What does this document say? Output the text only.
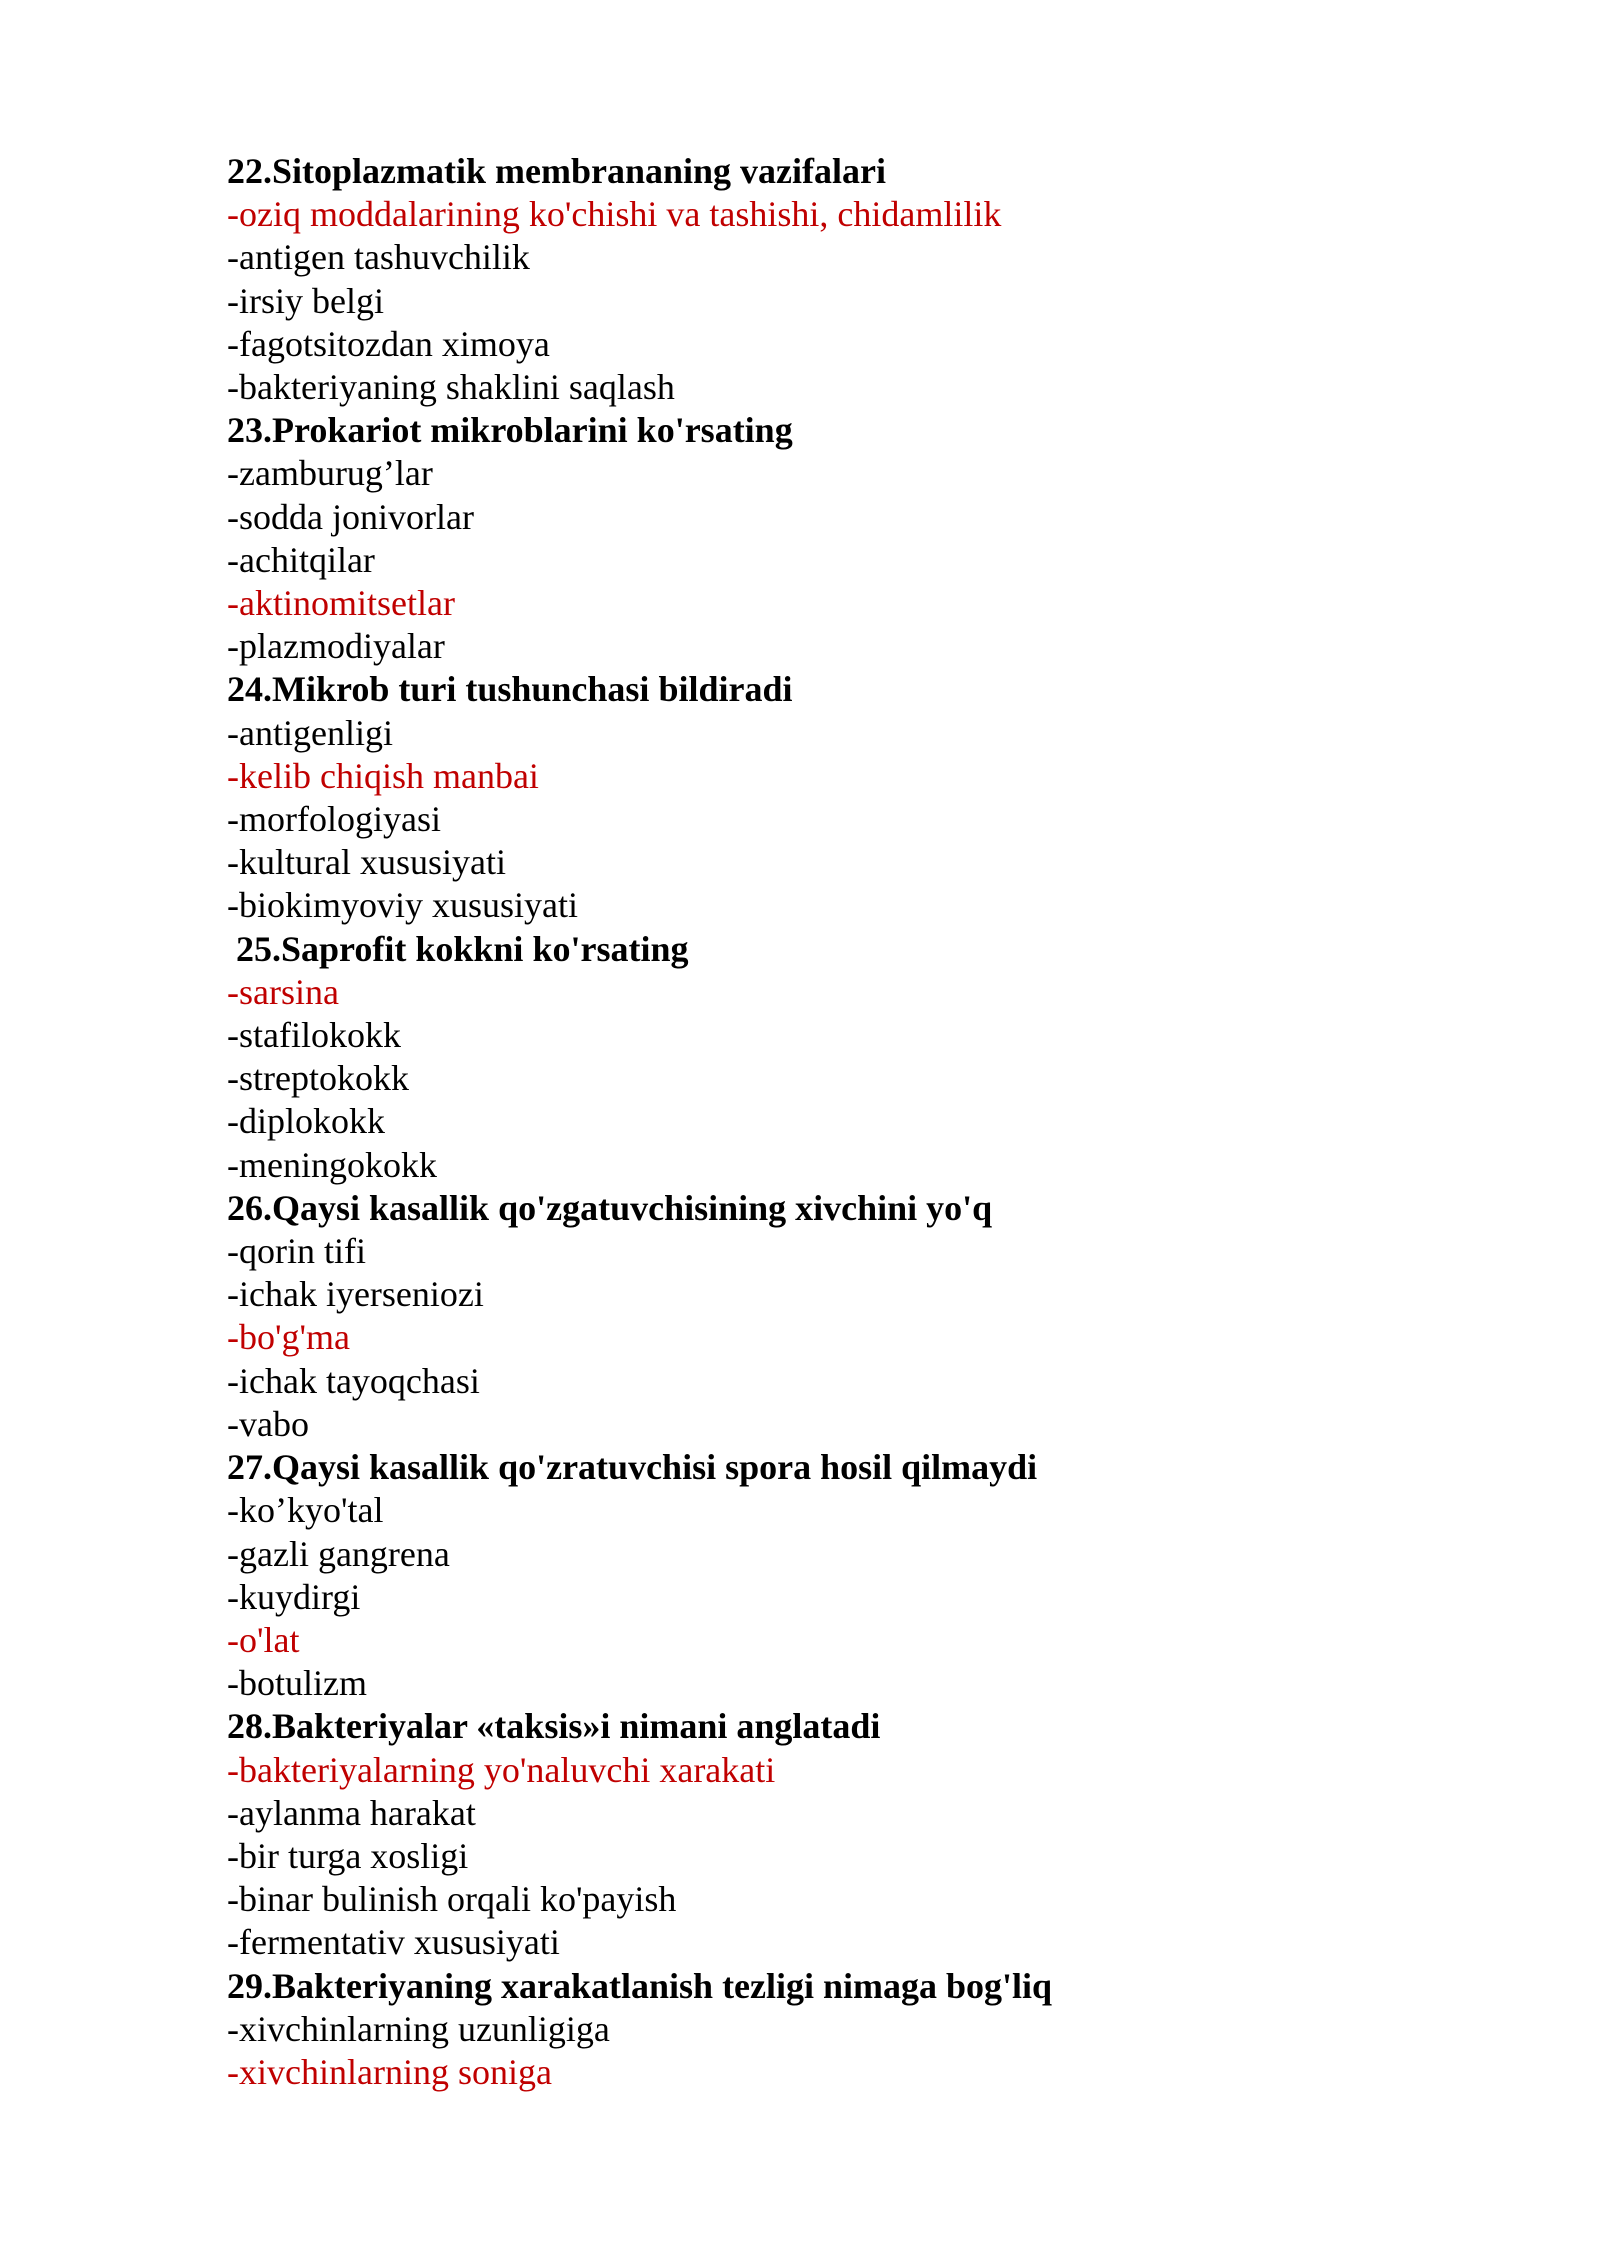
22.Sitoplazmatik membrananing vazifalari
-oziq moddalarining ko'chishi va tashishi, chidamlilik
-antigen tashuvchilik
-irsiy belgi
-fagotsitozdan ximoya
-bakteriyaning shaklini saqlash
23.Prokariot mikroblarini ko'rsating
-zamburug’lar
-sodda jonivorlar
-achitqilar
-aktinomitsetlar
-plazmodiyalar
24.Mikrob turi tushunchasi bildiradi
-antigenligi
-kelib chiqish manbai
-morfologiyasi
-kultural xususiyati
-biokimyoviy xususiyati
25.Saprofit kokkni ko'rsating
-sarsina
-stafilokokk
-streptokokk
-diplokokk
-meningokokk
26.Qaysi kasallik qo'zgatuvchisining xivchini yo'q
-qorin tifi
-ichak iyerseniozi
-bo'g'ma
-ichak tayoqchasi
-vabo
27.Qaysi kasallik qo'zratuvchisi spora hosil qilmaydi
-ko’kyo'tal
-gazli gangrena
-kuydirgi
-o'lat
-botulizm
28.Bakteriyalar «taksis»i nimani anglatadi
-bakteriyalarning yo'naluvchi xarakati
-aylanma harakat
-bir turga xosligi
-binar bulinish orqali ko'payish
-fermentativ xususiyati
29.Bakteriyaning xarakatlanish tezligi nimaga bog'liq
-xivchinlarning uzunligiga
-xivchinlarning soniga
